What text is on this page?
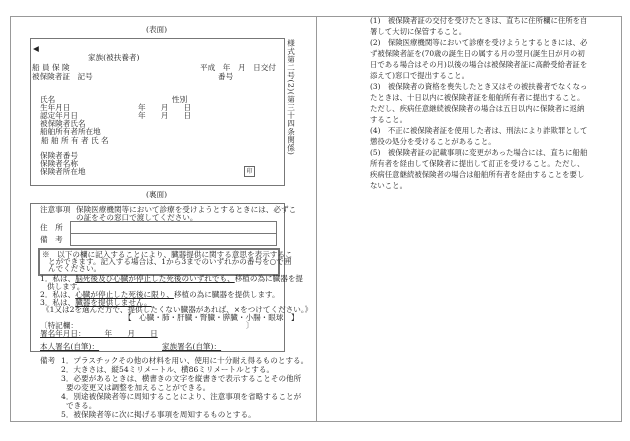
(表面)
様式第二号(2)(第三十四条関係)
◀
家族(被扶養者)
船 員 保 険	平成　年　月　日交付
被保険者証　記号	番号
氏名	性別
生年月日	年　　月　　日
認定年月日	年　　月　　日
被保険者氏名
船舶所有者所在地
船 舶 所 有 者 氏 名
保険者番号
保険者名称
保険者所在地	印
(裏面)
注意事項 保険医療機関等において診療を受けようとするときには、必ずこ
の証をその窓口で渡してください。
住　所
備　考
※　以下の欄に記入することにより、臓器提供に関する意思を表示するこ
とができます。記入する場合は、1から3までのいずれかの番号を○で囲
んでください。
1．私は、脳死後及び心臓が停止した死後のいずれでも、移植の為に臓器を提
供します。
2．私は、心臓が停止した死後に限り、移植の為に臓器を提供します。
3．私は、臓器を提供しません。
《1又は2を選んだ方で、提供したくない臓器があれば、×をつけてください。》
【　心臓・肺・肝臓・腎臓・膵臓・小腸・眼球　】
〔特記欄：	〕
署名年月日：　　　年　　月　　日
本人署名(自筆)：	家族署名(自筆)：
備考 1．プラスチックその他の材料を用い、使用に十分耐え得るものとする。
2．大きさは、縦54ミリメートル、横86ミリメートルとする。
3．必要があるときは、横書きの文字を縦書きで表示することその他所
要の変更又は調整を加えることができる。
4．別途被保険者等に周知することにより、注意事項を省略することが
できる。
5．被保険者等に次に掲げる事項を周知するものとする。

(1)　被保険者証の交付を受けたときは、直ちに住所欄に住所を自署して大切に保管すること。

(2)　保険医療機関等において診療を受けようとするときには、必ず被保険者証を(70歳の誕生日の属する月の翌月(誕生日が月の初日である場合はその月)以後の場合は被保険者証に高齢受給者証を添えて)窓口で提出すること。

(3)　被保険者の資格を喪失したとき又はその被扶養者でなくなったときは、十日以内に被保険者証を船舶所有者に提出すること。ただし、疾病任意継続被保険者の場合は五日以内に保険者に返納すること。

(4)　不正に被保険者証を使用した者は、刑法により詐欺罪として懲役の処分を受けることがあること。

(5)　被保険者証の記載事項に変更があった場合には、直ちに船舶所有者を経由して保険者に提出して訂正を受けること。ただし、疾病任意継続被保険者の場合は船舶所有者を経由することを要しないこと。
